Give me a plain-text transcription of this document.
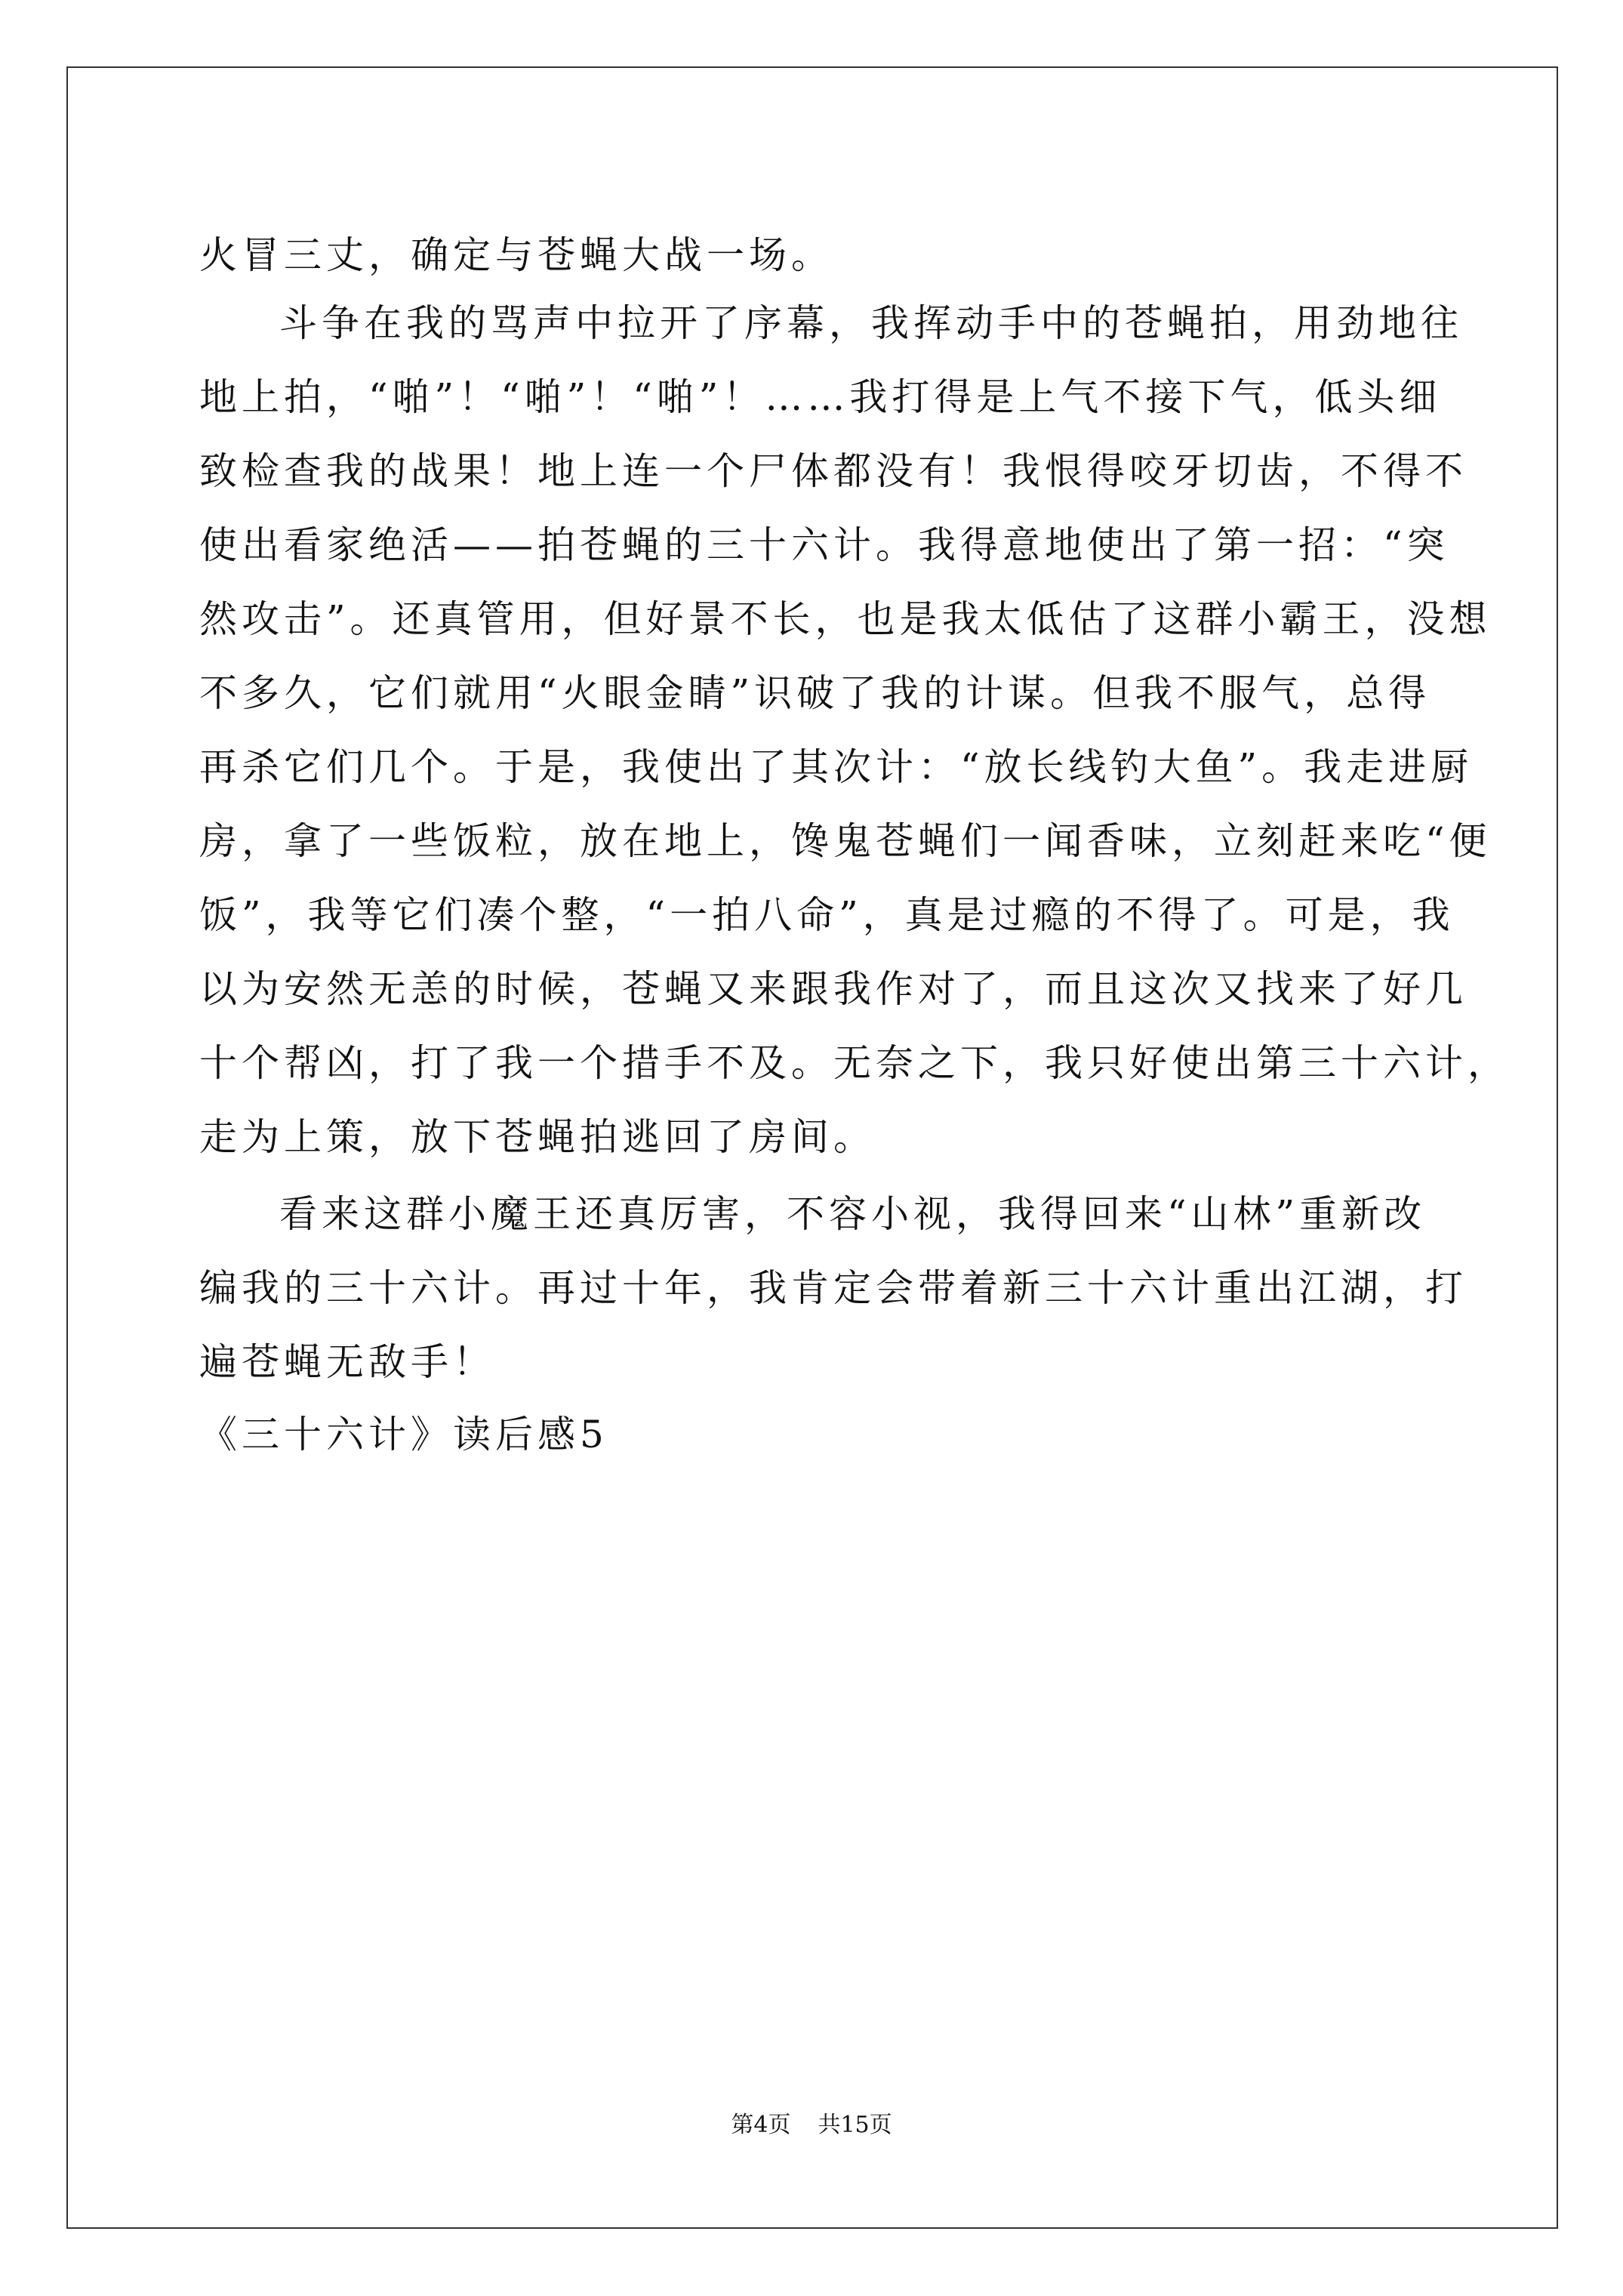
火冒三丈，确定与苍蝇大战一场。
斗争在我的骂声中拉开了序幕，我挥动手中的苍蝇拍，用劲地往
地上拍，“啪”！“啪”！“啪”！……我打得是上气不接下气，低头细
致检查我的战果！地上连一个尸体都没有！我恨得咬牙切齿，不得不
使出看家绝活——拍苍蝇的三十六计。我得意地使出了第一招：“突
然攻击”。还真管用，但好景不长，也是我太低估了这群小霸王，没想
不多久，它们就用“火眼金睛”识破了我的计谋。但我不服气，总得
再杀它们几个。于是，我使出了其次计：“放长线钓大鱼”。我走进厨
房，拿了一些饭粒，放在地上，馋鬼苍蝇们一闻香味，立刻赶来吃“便
饭”，我等它们凑个整，“一拍八命”，真是过瘾的不得了。可是，我
以为安然无恙的时候，苍蝇又来跟我作对了，而且这次又找来了好几
十个帮凶，打了我一个措手不及。无奈之下，我只好使出第三十六计，
走为上策，放下苍蝇拍逃回了房间。
看来这群小魔王还真厉害，不容小视，我得回来“山林”重新改
编我的三十六计。再过十年，我肯定会带着新三十六计重出江湖，打
遍苍蝇无敌手！
《三十六计》读后感5
第4页 共15页
